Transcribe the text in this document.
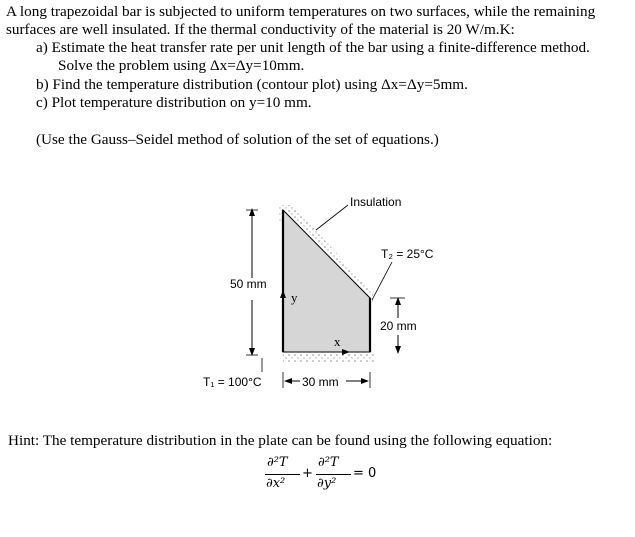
A long trapezoidal bar is subjected to uniform temperatures on two surfaces, while the remaining
surfaces are well insulated. If the thermal conductivity of the material is 20 W/m.K:
a) Estimate the heat transfer rate per unit length of the bar using a finite-difference method.
Solve the problem using Δx=Δy=10mm.
b) Find the temperature distribution (contour plot) using Δx=Δy=5mm.
c) Plot temperature distribution on y=10 mm.
(Use the Gauss–Seidel method of solution of the set of equations.)
Insulation
T₂ = 25°C
50 mm
20 mm
30 mm
T₁ = 100°C
y
x
Hint: The temperature distribution in the plate can be found using the following equation:
∂²T
∂x²
+
∂²T
∂y²
= 0
